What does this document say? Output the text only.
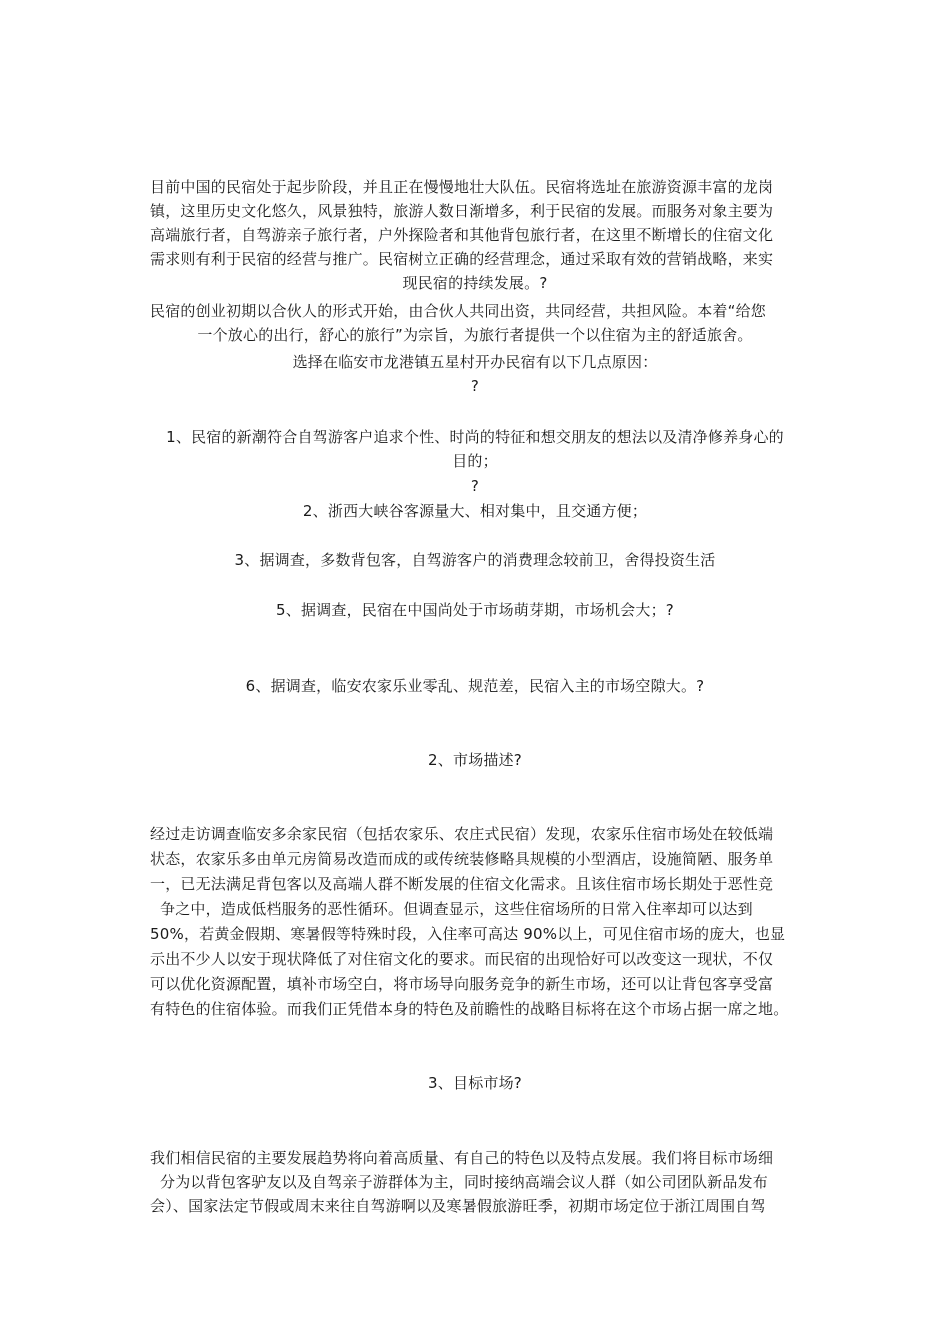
目前中国的民宿处于起步阶段，并且正在慢慢地壮大队伍。民宿将选址在旅游资源丰富的龙岗
镇，这里历史文化悠久，风景独特，旅游人数日渐增多，利于民宿的发展。而服务对象主要为
高端旅行者，自驾游亲子旅行者，户外探险者和其他背包旅行者，在这里不断增长的住宿文化
需求则有利于民宿的经营与推广。民宿树立正确的经营理念，通过采取有效的营销战略，来实
现民宿的持续发展。?
民宿的创业初期以合伙人的形式开始，由合伙人共同出资，共同经营，共担风险。本着“给您
一个放心的出行，舒心的旅行”为宗旨，为旅行者提供一个以住宿为主的舒适旅舍。
选择在临安市龙港镇五星村开办民宿有以下几点原因：
?
1、民宿的新潮符合自驾游客户追求个性、时尚的特征和想交朋友的想法以及清净修养身心的
目的；
?
2、浙西大峡谷客源量大、相对集中，且交通方便；
3、据调查，多数背包客，自驾游客户的消费理念较前卫，舍得投资生活
5、据调查，民宿在中国尚处于市场萌芽期，市场机会大；?
6、据调查，临安农家乐业零乱、规范差，民宿入主的市场空隙大。?
2、市场描述?
经过走访调查临安多余家民宿（包括农家乐、农庄式民宿）发现，农家乐住宿市场处在较低端
状态，农家乐多由单元房简易改造而成的或传统装修略具规模的小型酒店，设施简陋、服务单
一，已无法满足背包客以及高端人群不断发展的住宿文化需求。且该住宿市场长期处于恶性竞
争之中，造成低档服务的恶性循环。但调查显示，这些住宿场所的日常入住率却可以达到
50%，若黄金假期、寒暑假等特殊时段，入住率可高达 90%以上，可见住宿市场的庞大，也显
示出不少人以安于现状降低了对住宿文化的要求。而民宿的出现恰好可以改变这一现状，不仅
可以优化资源配置，填补市场空白，将市场导向服务竞争的新生市场，还可以让背包客享受富
有特色的住宿体验。而我们正凭借本身的特色及前瞻性的战略目标将在这个市场占据一席之地。
3、目标市场?
我们相信民宿的主要发展趋势将向着高质量、有自己的特色以及特点发展。我们将目标市场细
分为以背包客驴友以及自驾亲子游群体为主，同时接纳高端会议人群（如公司团队新品发布
会）、国家法定节假或周末来往自驾游啊以及寒暑假旅游旺季，初期市场定位于浙江周围自驾
